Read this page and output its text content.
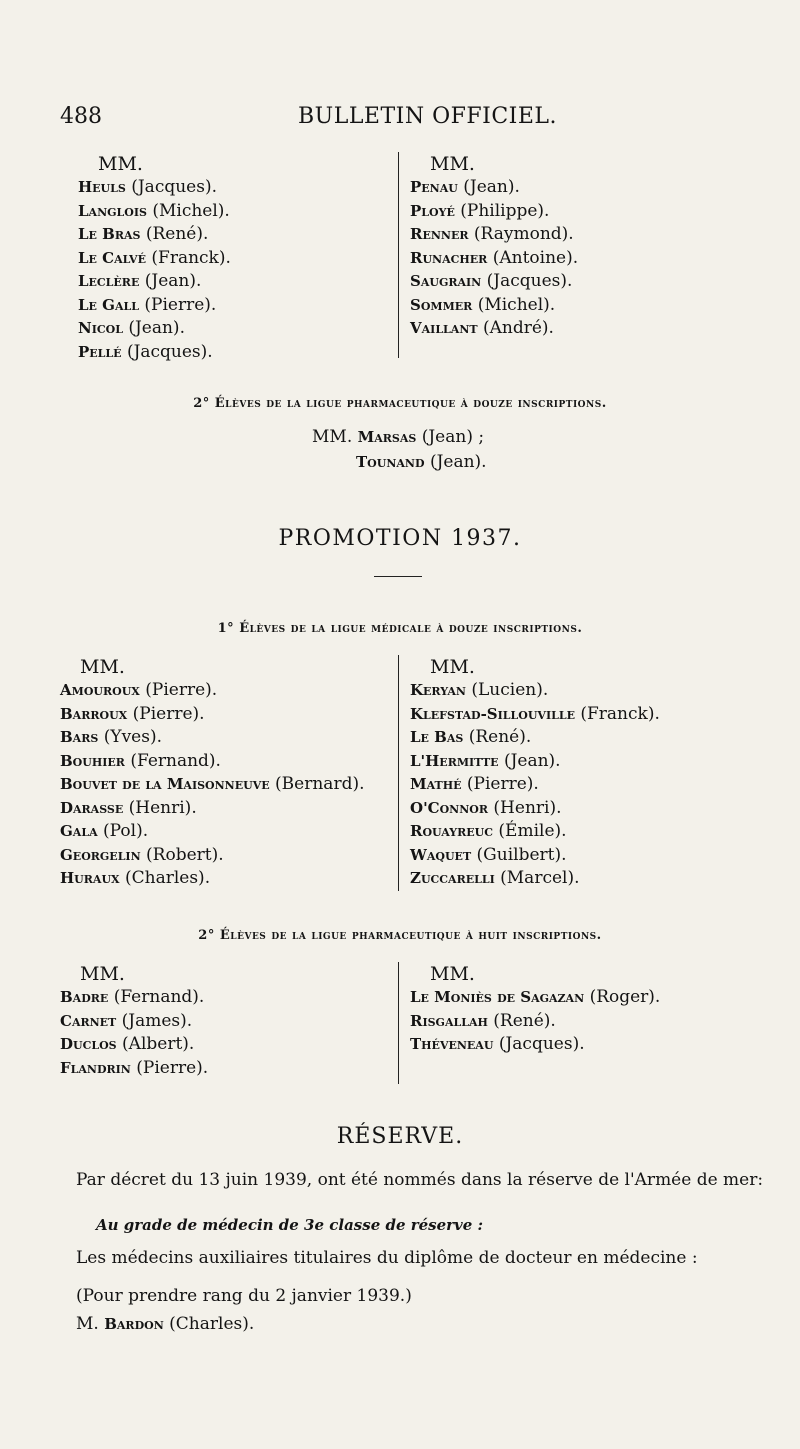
488	BULLETIN OFFICIEL.
MM.
Heuls (Jacques).
Langlois (Michel).
Le Bras (René).
Le Calvé (Franck).
Leclère (Jean).
Le Gall (Pierre).
Nicol (Jean).
Pellé (Jacques).
MM.
Penau (Jean).
Ployé (Philippe).
Renner (Raymond).
Runacher (Antoine).
Saugrain (Jacques).
Sommer (Michel).
Vaillant (André).
2° Élèves de la ligue pharmaceutique à douze inscriptions.
MM. Marsas (Jean) ;
Tounand (Jean).
PROMOTION 1937.
1° Élèves de la ligue médicale à douze inscriptions.
MM.
Amouroux (Pierre).
Barroux (Pierre).
Bars (Yves).
Bouhier (Fernand).
Bouvet de la Maisonneuve (Bernard).
Darasse (Henri).
Gala (Pol).
Georgelin (Robert).
Huraux (Charles).
MM.
Keryan (Lucien).
Klefstad-Sillouville (Franck).
Le Bas (René).
L'Hermitte (Jean).
Mathé (Pierre).
O'Connor (Henri).
Rouayreuc (Émile).
Waquet (Guilbert).
Zuccarelli (Marcel).
2° Élèves de la ligue pharmaceutique à huit inscriptions.
MM.
Badre (Fernand).
Carnet (James).
Duclos (Albert).
Flandrin (Pierre).
MM.
Le Moniès de Sagazan (Roger).
Risgallah (René).
Théveneau (Jacques).
RÉSERVE.
Par décret du 13 juin 1939, ont été nommés dans la réserve de l'Armée de mer:
Au grade de médecin de 3e classe de réserve :
Les médecins auxiliaires titulaires du diplôme de docteur en médecine :
(Pour prendre rang du 2 janvier 1939.)
M. Bardon (Charles).
